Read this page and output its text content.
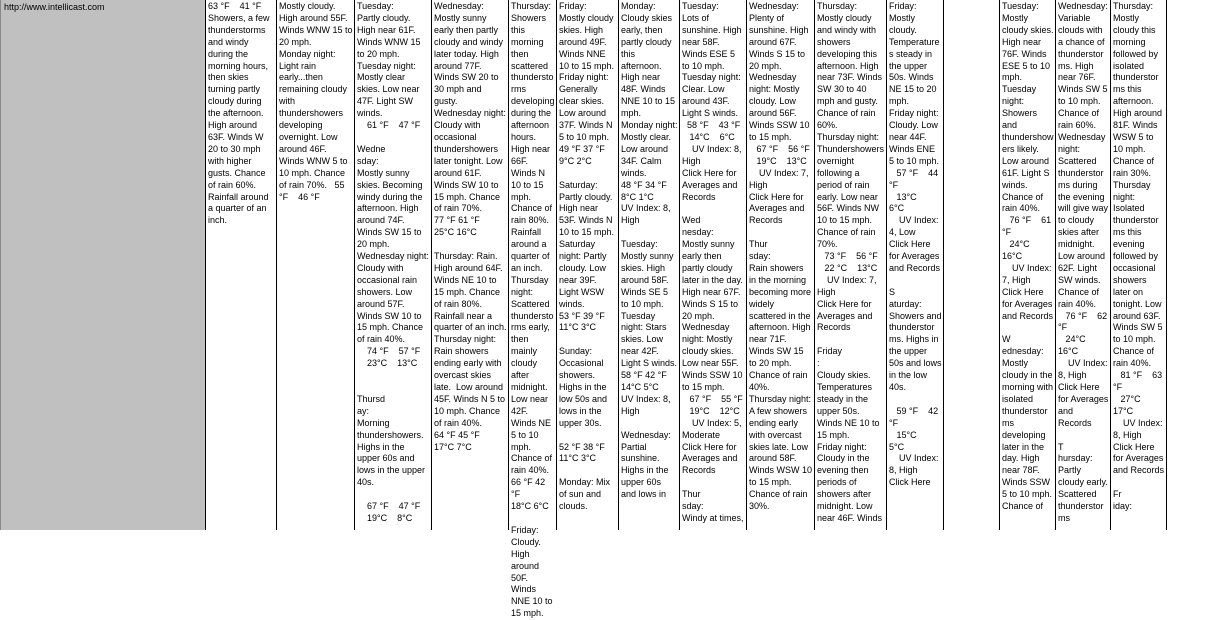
http://www.intellicast.com	63 °F    41 °F
Showers, a few thunderstorms and windy during the morning hours, then skies turning partly cloudy during the afternoon. High around 63F. Winds W 20 to 30 mph with higher gusts. Chance of rain 60%. Rainfall around a quarter of an inch.
Mostly cloudy. High around 55F. Winds WNW 15 to 20 mph.
Monday night: Light rain early...then remaining cloudy with thundershowers developing overnight. Low around 46F. Winds WNW 5 to 10 mph. Chance of rain 70%.   55 °F    46 °F
Tuesday:
Partly cloudy. High near 61F. Winds WNW 15 to 20 mph.
Tuesday night: Mostly clear skies. Low near 47F. Light SW winds.
61 °F    47 °F
Wedne
sday:
Mostly sunny skies. Becoming windy during the afternoon. High around 74F. Winds SW 15 to 20 mph.
Wednesday night: Cloudy with occasional rain showers. Low around 57F. Winds SW 10 to 15 mph. Chance of rain 40%.
74 °F    57 °F
23°C    13°C

Thursd
ay:
Morning thundershowers. Highs in the upper 60s and lows in the upper 40s.

67 °F    47 °F
19°C    8°C
Wednesday:
Mostly sunny early then partly cloudy and windy later today. High around 77F. Winds SW 20 to 30 mph and gusty.
Wednesday night: Cloudy with occasional thundershowers later tonight. Low around 61F. Winds SW 10 to 15 mph. Chance of rain 70%.
77 °F 61 °F
25°C 16°C

Thursday: Rain. High around 64F. Winds NE 10 to 15 mph. Chance of rain 80%. Rainfall near a quarter of an inch.
Thursday night: Rain showers ending early with overcast skies late.  Low around 45F. Winds N 5 to 10 mph. Chance of rain 40%.
64 °F 45 °F
17°C 7°C
Thursday:
Showers this morning then scattered thunderstorms developing during the afternoon hours. High near 66F. Winds N 10 to 15 mph. Chance of rain 80%. Rainfall around a quarter of an inch.
Thursday night: Scattered thunderstorms early, then mainly cloudy after midnight. Low near 42F. Winds NE 5 to 10 mph. Chance of rain 40%.
66 °F 42 °F
18°C 6°C

Friday: Cloudy. High around 50F. Winds NNE 10 to 15 mph.
Friday:
Mostly cloudy skies. High around 49F. Winds NNE 10 to 15 mph.
Friday night: Generally clear skies. Low around 37F. Winds N 5 to 10 mph.
49 °F 37 °F
9°C 2°C

Saturday:
Partly cloudy. High near 53F. Winds N 10 to 15 mph.
Saturday night: Partly cloudy. Low near 39F. Light WSW winds.
53 °F 39 °F
11°C 3°C

Sunday: Occasional showers. Highs in the low 50s and lows in the upper 30s.

52 °F 38 °F
11°C 3°C

Monday: Mix of sun and clouds.
Monday:
Cloudy skies early, then partly cloudy this afternoon. High near 48F. Winds NNE 10 to 15 mph.
Monday night: Mostly clear. Low around 34F. Calm winds.
48 °F 34 °F
8°C 1°C
UV Index: 8, High

Tuesday: Mostly sunny skies. High around 58F. Winds SE 5 to 10 mph.
Tuesday night: Stars skies. Low near 42F. Light S winds.
58 °F 42 °F
14°C 5°C
UV Index: 8, High

Wednesday: Partial sunshine. Highs in the upper 60s and lows in
Tuesday:
Lots of sunshine. High near 58F. Winds ESE 5 to 10 mph.
Tuesday night: Clear. Low around 43F. Light S winds.
58 °F    43 °F
14°C    6°C
UV Index: 8, High
Click Here for Averages and Records
Wed
nesday:
Mostly sunny early then partly cloudy later in the day. High near 67F. Winds S 15 to 20 mph.
Wednesday night: Mostly cloudy skies. Low near 55F. Winds SSW 10 to 15 mph.
67 °F    55 °F
19°C    12°C
UV Index: 5, Moderate
Click Here for Averages and Records
Thur
sday:
Windy at times,
Wednesday:
Plenty of sunshine. High around 67F. Winds S 15 to 20 mph.
Wednesday night: Mostly cloudy. Low around 56F. Winds SSW 10 to 15 mph.
67 °F    56 °F
19°C    13°C
UV Index: 7, High
Click Here for Averages and Records
Thur
sday:
Rain showers in the morning becoming more widely scattered in the afternoon. High near 71F. Winds SW 15 to 20 mph. Chance of rain 40%.
Thursday night: A few showers ending early with overcast skies late. Low around 58F. Winds WSW 10 to 15 mph. Chance of rain 30%.
Thursday:
Mostly cloudy and windy with showers developing this afternoon. High near 73F. Winds SW 30 to 40 mph and gusty. Chance of rain 60%.
Thursday night: Thundershowers overnight following a period of rain early. Low near 56F. Winds NW 10 to 15 mph. Chance of rain 70%.
73 °F    56 °F
22 °C    13°C
UV Index: 7, High
Click Here for Averages and Records
Friday
:
Cloudy skies. Temperatures steady in the upper 50s. Winds NE 10 to 15 mph.
Friday night: Cloudy in the evening then periods of showers after midnight. Low near 46F. Winds
Friday:
Mostly cloudy. Temperatures steady in the upper 50s. Winds NE 15 to 20 mph.
Friday night: Cloudy. Low near 44F. Winds ENE 5 to 10 mph.
57 °F    44 °F
13°C
6°C
UV Index: 4, Low
Click Here for Averages and Records
S
aturday:
Showers and thunderstorms. Highs in the upper 50s and lows in the low 40s.

59 °F    42 °F
15°C
5°C
UV Index: 8, High
Click Here
Tuesday:
Mostly cloudy skies. High near 76F. Winds ESE 5 to 10 mph.
Tuesday night: Showers and thundershowers likely. Low around 61F. Light S winds. Chance of rain 40%.
76 °F    61 °F
24°C
16°C
UV Index: 7, High
Click Here for Averages and Records
W
ednesday:
Mostly cloudy in the morning with isolated thunderstorms developing later in the day. High near 78F. Winds SSW 5 to 10 mph. Chance of
Wednesday:
Variable clouds with a chance of thunderstorms. High near 76F. Winds SW 5 to 10 mph. Chance of rain 60%.
Wednesday night: Scattered thunderstorms during the evening will give way to cloudy skies after midnight. Low around 62F. Light SW winds. Chance of rain 40%.
76 °F    62 °F
24°C
16°C
UV Index: 8, High
Click Here for Averages and Records
T
hursday:
Partly cloudy early. Scattered thunderstorms
Thursday:
Mostly cloudy this morning followed by isolated thunderstorms this afternoon. High around 81F. Winds WSW 5 to 10 mph. Chance of rain 30%.
Thursday night: Isolated thunderstorms this evening followed by occasional showers later on tonight. Low around 63F. Winds SW 5 to 10 mph. Chance of rain 40%.
81 °F    63 °F
27°C
17°C
UV Index: 8, High
Click Here for Averages and Records
Fr
iday:
